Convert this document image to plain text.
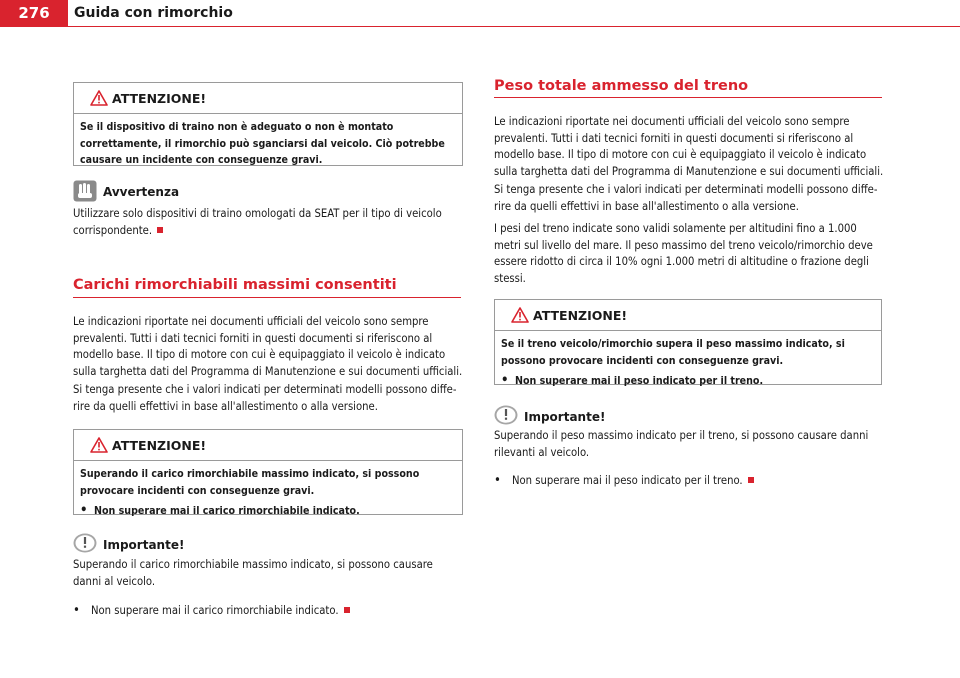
276	Guida con rimorchio
ATTENZIONE!

Se il dispositivo di traino non è adeguato o non è montato correttamente, il rimorchio può sganciarsi dal veicolo. Ciò potrebbe causare un incidente con conseguenze gravi.

Avvertenza

Utilizzare solo dispositivi di traino omologati da SEAT per il tipo di veicolo corrispondente.

Carichi rimorchiabili massimi consentiti

Le indicazioni riportate nei documenti ufficiali del veicolo sono sempre prevalenti. Tutti i dati tecnici forniti in questi documenti si riferiscono al modello base. Il tipo di motore con cui è equipaggiato il veicolo è indicato sulla targhetta dati del Programma di Manutenzione e sui documenti ufficiali.

Si tenga presente che i valori indicati per determinati modelli possono diffe-rire da quelli effettivi in base all'allestimento o alla versione.

ATTENZIONE!

Superando il carico rimorchiabile massimo indicato, si possono provocare incidenti con conseguenze gravi.

• Non superare mai il carico rimorchiabile indicato.

Importante!

Superando il carico rimorchiabile massimo indicato, si possono causare danni al veicolo.

• Non superare mai il carico rimorchiabile indicato.

Peso totale ammesso del treno

Le indicazioni riportate nei documenti ufficiali del veicolo sono sempre prevalenti. Tutti i dati tecnici forniti in questi documenti si riferiscono al modello base. Il tipo di motore con cui è equipaggiato il veicolo è indicato sulla targhetta dati del Programma di Manutenzione e sui documenti ufficiali.

Si tenga presente che i valori indicati per determinati modelli possono diffe-rire da quelli effettivi in base all'allestimento o alla versione.

I pesi del treno indicate sono validi solamente per altitudini fino a 1.000 metri sul livello del mare. Il peso massimo del treno veicolo/rimorchio deve essere ridotto di circa il 10% ogni 1.000 metri di altitudine o frazione degli stessi.

ATTENZIONE!

Se il treno veicolo/rimorchio supera il peso massimo indicato, si possono provocare incidenti con conseguenze gravi.

• Non superare mai il peso indicato per il treno.

Importante!

Superando il peso massimo indicato per il treno, si possono causare danni rilevanti al veicolo.

• Non superare mai il peso indicato per il treno.
